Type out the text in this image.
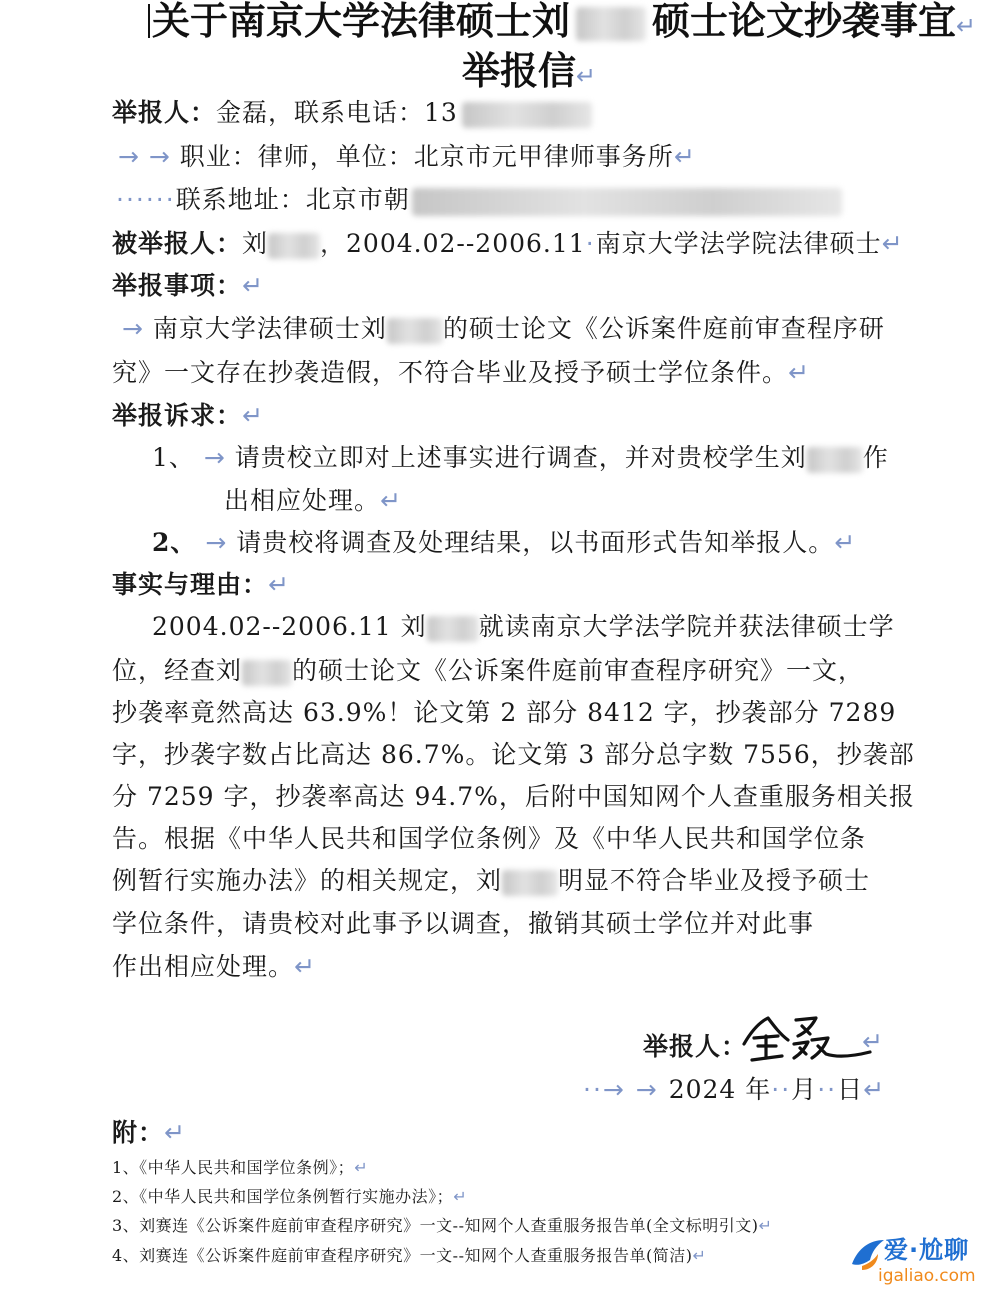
关于南京大学法律硕士刘 硕士论文抄袭事宜↵
举报信↵
举报人：金磊，联系电话：13
→ → 职业：律师，单位：北京市元甲律师事务所↵
······联系地址：北京市朝
被举报人：刘 ，2004.02--2006.11·南京大学法学院法律硕士↵
举报事项：↵
→ 南京大学法律硕士刘 的硕士论文《公诉案件庭前审查程序研
究》一文存在抄袭造假，不符合毕业及授予硕士学位条件。↵
举报诉求：↵
1、 → 请贵校立即对上述事实进行调查，并对贵校学生刘 作
出相应处理。↵
2、 → 请贵校将调查及处理结果，以书面形式告知举报人。↵
事实与理由：↵
2004.02--2006.11 刘 就读南京大学法学院并获法律硕士学
位，经查刘 的硕士论文《公诉案件庭前审查程序研究》一文，
抄袭率竟然高达 63.9%！论文第 2 部分 8412 字，抄袭部分 7289
字，抄袭字数占比高达 86.7%。论文第 3 部分总字数 7556，抄袭部
分 7259 字，抄袭率高达 94.7%，后附中国知网个人查重服务相关报
告。根据《中华人民共和国学位条例》及《中华人民共和国学位条
例暂行实施办法》的相关规定，刘 明显不符合毕业及授予硕士
学位条件，请贵校对此事予以调查，撤销其硕士学位并对此事
作出相应处理。↵
举报人：	↵
··→ → 2024 年··月··日↵
附：↵
1、《中华人民共和国学位条例》；↵
2、《中华人民共和国学位条例暂行实施办法》；↵
3、刘赛连《公诉案件庭前审查程序研究》一文--知网个人查重服务报告单(全文标明引文)↵
4、刘赛连《公诉案件庭前审查程序研究》一文--知网个人查重服务报告单(简洁)↵	爱·尬聊
igaliao.com
